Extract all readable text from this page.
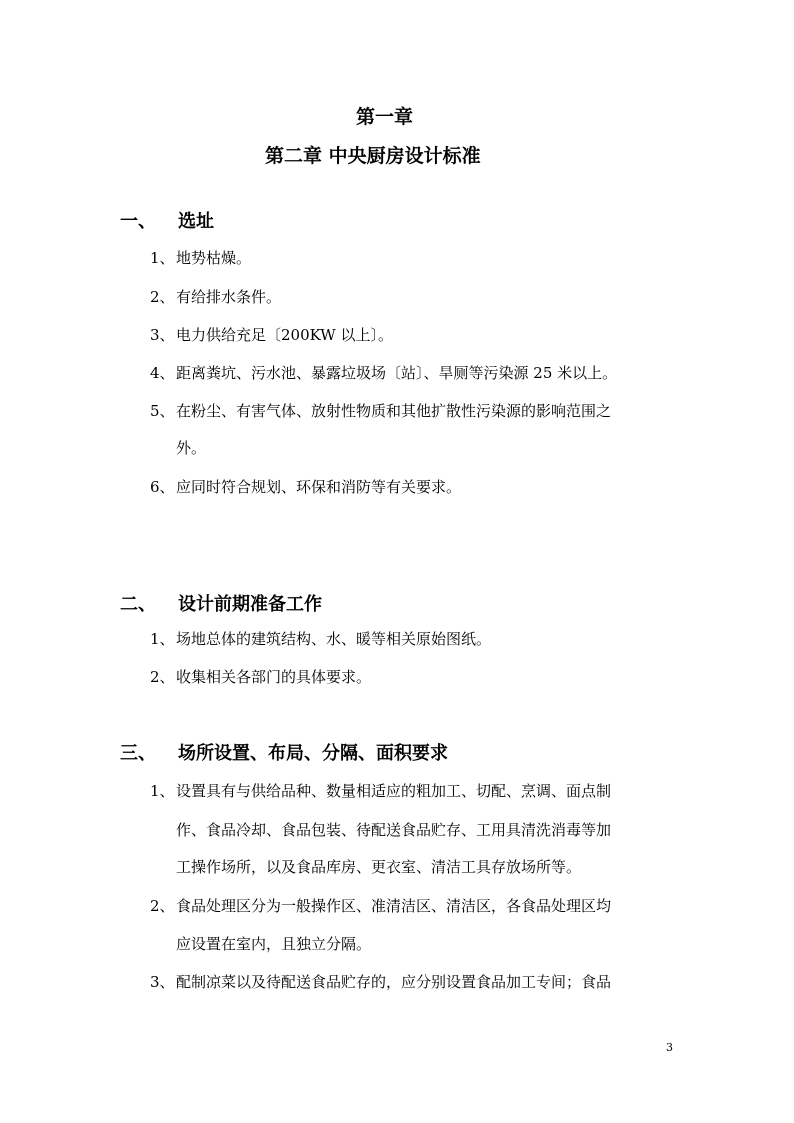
第一章
第二章 中央厨房设计标准
一、 选址
1、 地势枯燥。
2、 有给排水条件。
3、 电力供给充足〔200KW 以上〕。
4、 距离粪坑、污水池、暴露垃圾场〔站〕、旱厕等污染源 25 米以上。
5、 在粉尘、有害气体、放射性物质和其他扩散性污染源的影响范围之
外。
6、 应同时符合规划、环保和消防等有关要求。
二、 设计前期准备工作
1、 场地总体的建筑结构、水、暖等相关原始图纸。
2、 收集相关各部门的具体要求。
三、 场所设置、布局、分隔、面积要求
1、 设置具有与供给品种、数量相适应的粗加工、切配、烹调、面点制
作、食品冷却、食品包装、待配送食品贮存、工用具清洗消毒等加
工操作场所，以及食品库房、更衣室、清洁工具存放场所等。
2、 食品处理区分为一般操作区、准清洁区、清洁区，各食品处理区均
应设置在室内，且独立分隔。
3、 配制凉菜以及待配送食品贮存的，应分别设置食品加工专间；食品
3
